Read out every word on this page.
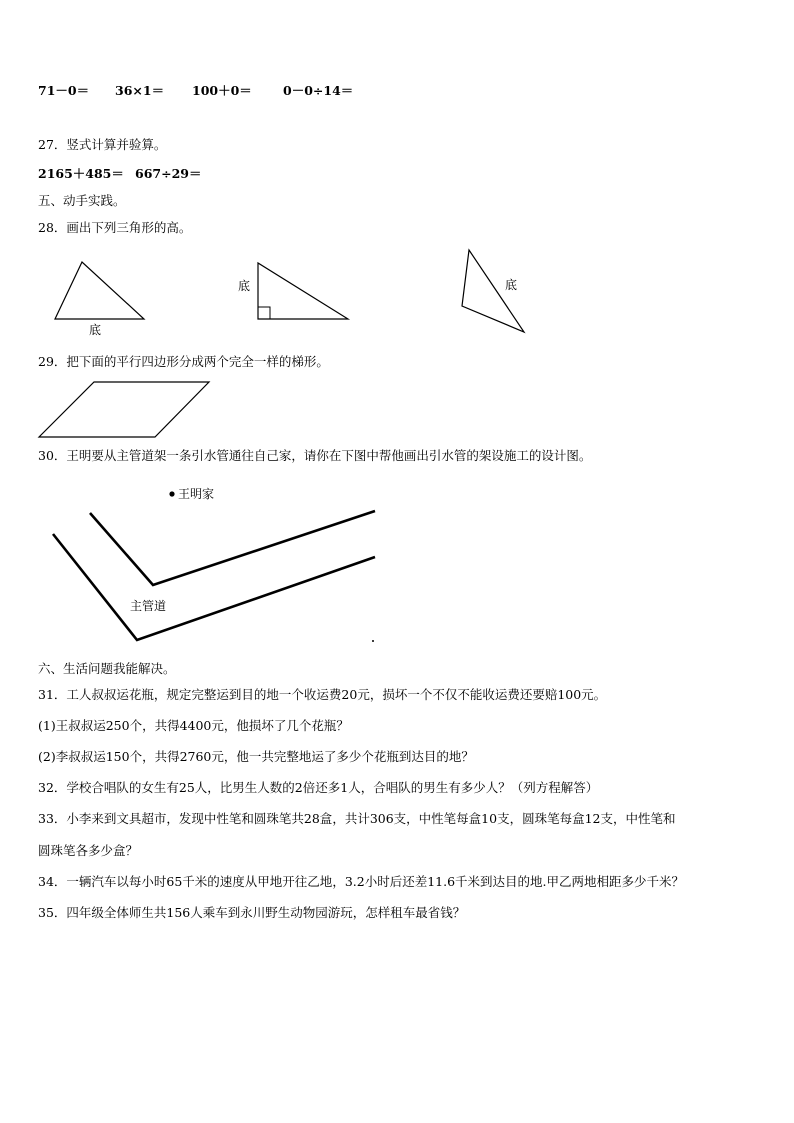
71－0＝ 36×1＝ 100＋0＝ 0－0÷14＝
27．竖式计算并验算。
2165＋485＝ 667÷29＝
五、动手实践。
28．画出下列三角形的高。
底
底	底
29．把下面的平行四边形分成两个完全一样的梯形。
30．王明要从主管道架一条引水管通往自己家，请你在下图中帮他画出引水管的架设施工的设计图。
王明家
主管道
六、生活问题我能解决。
31．工人叔叔运花瓶，规定完整运到目的地一个收运费20元，损坏一个不仅不能收运费还要赔100元。
(1)王叔叔运250个，共得4400元，他损坏了几个花瓶？
(2)李叔叔运150个，共得2760元，他一共完整地运了多少个花瓶到达目的地？
32．学校合唱队的女生有25人，比男生人数的2倍还多1人，合唱队的男生有多少人？（列方程解答）
33．小李来到文具超市，发现中性笔和圆珠笔共28盒，共计306支，中性笔每盒10支，圆珠笔每盒12支，中性笔和
圆珠笔各多少盒？
34．一辆汽车以每小时65千米的速度从甲地开往乙地，3.2小时后还差11.6千米到达目的地.甲乙两地相距多少千米？
35．四年级全体师生共156人乘车到永川野生动物园游玩，怎样租车最省钱？
